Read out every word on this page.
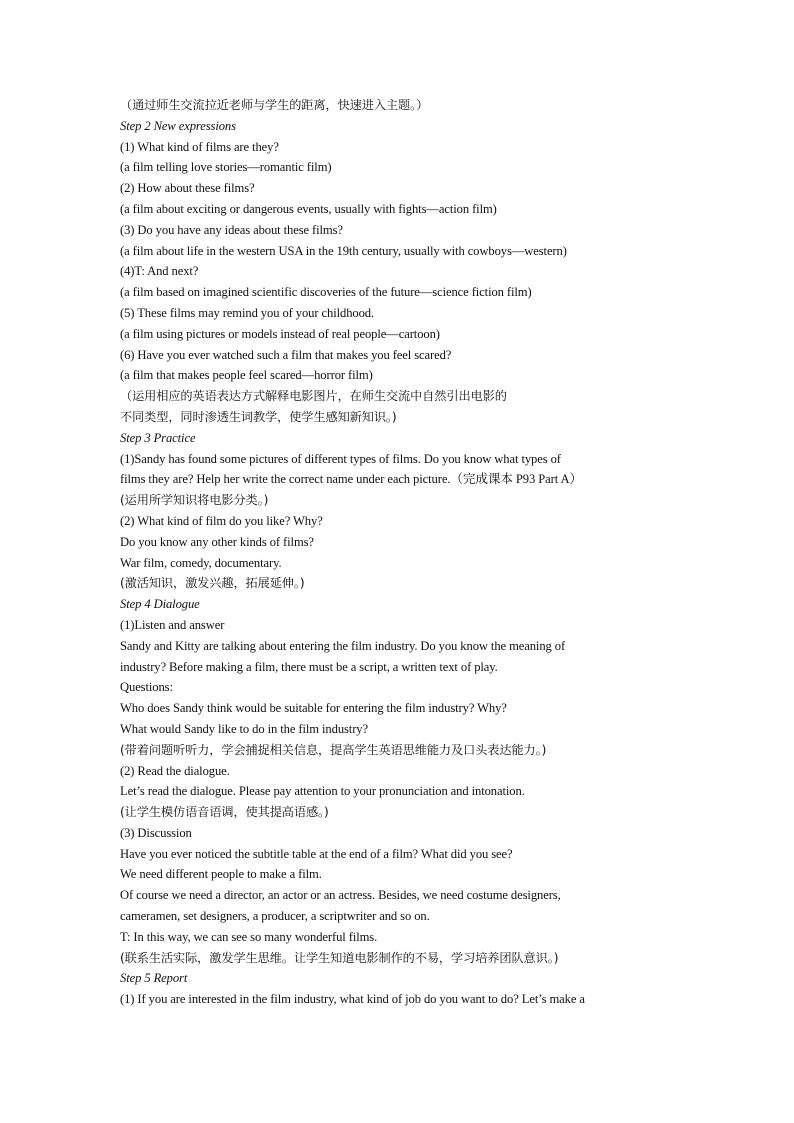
（通过师生交流拉近老师与学生的距离，快速进入主题。）
Step 2 New expressions
(1) What kind of films are they?
(a film telling love stories—romantic film)
(2) How about these films?
(a film about exciting or dangerous events, usually with fights—action film)
(3) Do you have any ideas about these films?
(a film about life in the western USA in the 19th century, usually with cowboys—western)
(4)T: And next?
(a film based on imagined scientific discoveries of the future—science fiction film)
(5) These films may remind you of your childhood.
(a film using pictures or models instead of real people—cartoon)
(6) Have you ever watched such a film that makes you feel scared?
(a film that makes people feel scared—horror film)
（运用相应的英语表达方式解释电影图片，在师生交流中自然引出电影的
不同类型，同时渗透生词教学，使学生感知新知识。)
Step 3 Practice
(1)Sandy has found some pictures of different types of films. Do you know what types of
films they are? Help her write the correct name under each picture.（完成课本 P93 Part A）
(运用所学知识将电影分类。)
(2) What kind of film do you like? Why?
Do you know any other kinds of films?
War film, comedy, documentary.
(激活知识，激发兴趣，拓展延伸。)
Step 4 Dialogue
(1)Listen and answer
Sandy and Kitty are talking about entering the film industry. Do you know the meaning of
industry? Before making a film, there must be a script, a written text of play.
Questions:
Who does Sandy think would be suitable for entering the film industry? Why?
What would Sandy like to do in the film industry?
(带着问题听听力，学会捕捉相关信息，提高学生英语思维能力及口头表达能力。)
(2) Read the dialogue.
Let’s read the dialogue. Please pay attention to your pronunciation and intonation.
(让学生模仿语音语调，使其提高语感。)
(3) Discussion
Have you ever noticed the subtitle table at the end of a film? What did you see?
We need different people to make a film.
Of course we need a director, an actor or an actress. Besides, we need costume designers,
cameramen, set designers, a producer, a scriptwriter and so on.
T: In this way, we can see so many wonderful films.
(联系生活实际，激发学生思维。让学生知道电影制作的不易，学习培养团队意识。)
Step 5 Report
(1) If you are interested in the film industry, what kind of job do you want to do? Let’s make a
